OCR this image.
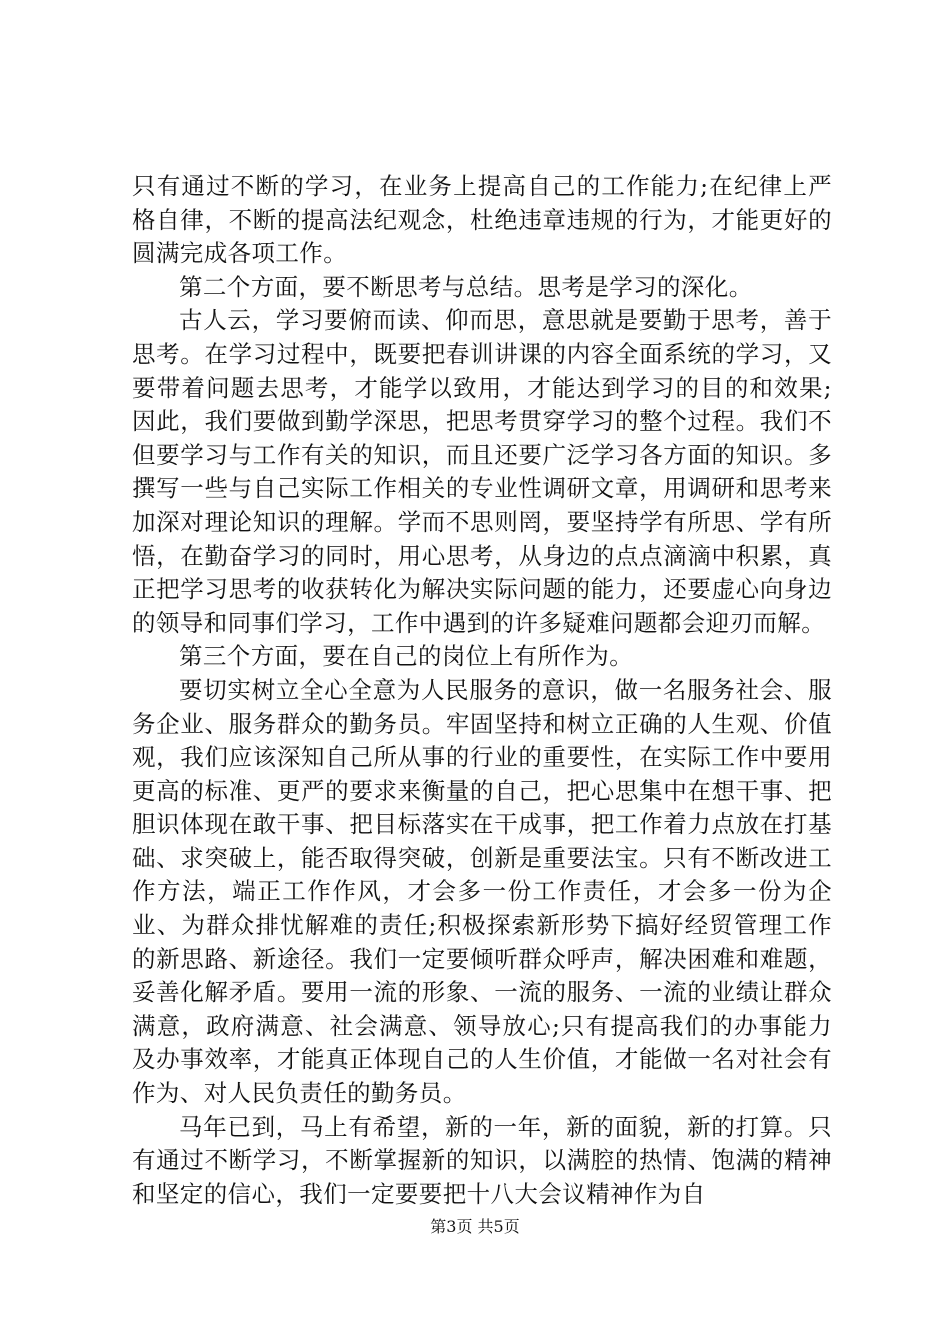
只有通过不断的学习，在业务上提高自己的工作能力;在纪律上严格自律，不断的提高法纪观念，杜绝违章违规的行为，才能更好的圆满完成各项工作。

第二个方面，要不断思考与总结。思考是学习的深化。

古人云，学习要俯而读、仰而思，意思就是要勤于思考，善于思考。在学习过程中，既要把春训讲课的内容全面系统的学习，又要带着问题去思考，才能学以致用，才能达到学习的目的和效果;因此，我们要做到勤学深思，把思考贯穿学习的整个过程。我们不但要学习与工作有关的知识，而且还要广泛学习各方面的知识。多撰写一些与自己实际工作相关的专业性调研文章，用调研和思考来加深对理论知识的理解。学而不思则罔，要坚持学有所思、学有所悟，在勤奋学习的同时，用心思考，从身边的点点滴滴中积累，真正把学习思考的收获转化为解决实际问题的能力，还要虚心向身边的领导和同事们学习，工作中遇到的许多疑难问题都会迎刃而解。

第三个方面，要在自己的岗位上有所作为。

要切实树立全心全意为人民服务的意识，做一名服务社会、服务企业、服务群众的勤务员。牢固坚持和树立正确的人生观、价值观，我们应该深知自己所从事的行业的重要性，在实际工作中要用更高的标准、更严的要求来衡量的自己，把心思集中在想干事、把胆识体现在敢干事、把目标落实在干成事，把工作着力点放在打基础、求突破上，能否取得突破，创新是重要法宝。只有不断改进工作方法，端正工作作风，才会多一份工作责任，才会多一份为企业、为群众排忧解难的责任;积极探索新形势下搞好经贸管理工作的新思路、新途径。我们一定要倾听群众呼声，解决困难和难题，妥善化解矛盾。要用一流的形象、一流的服务、一流的业绩让群众满意，政府满意、社会满意、领导放心;只有提高我们的办事能力及办事效率，才能真正体现自己的人生价值，才能做一名对社会有作为、对人民负责任的勤务员。

马年已到，马上有希望，新的一年，新的面貌，新的打算。只有通过不断学习，不断掌握新的知识，以满腔的热情、饱满的精神和坚定的信心，我们一定要要把十八大会议精神作为自

第3页 共5页
